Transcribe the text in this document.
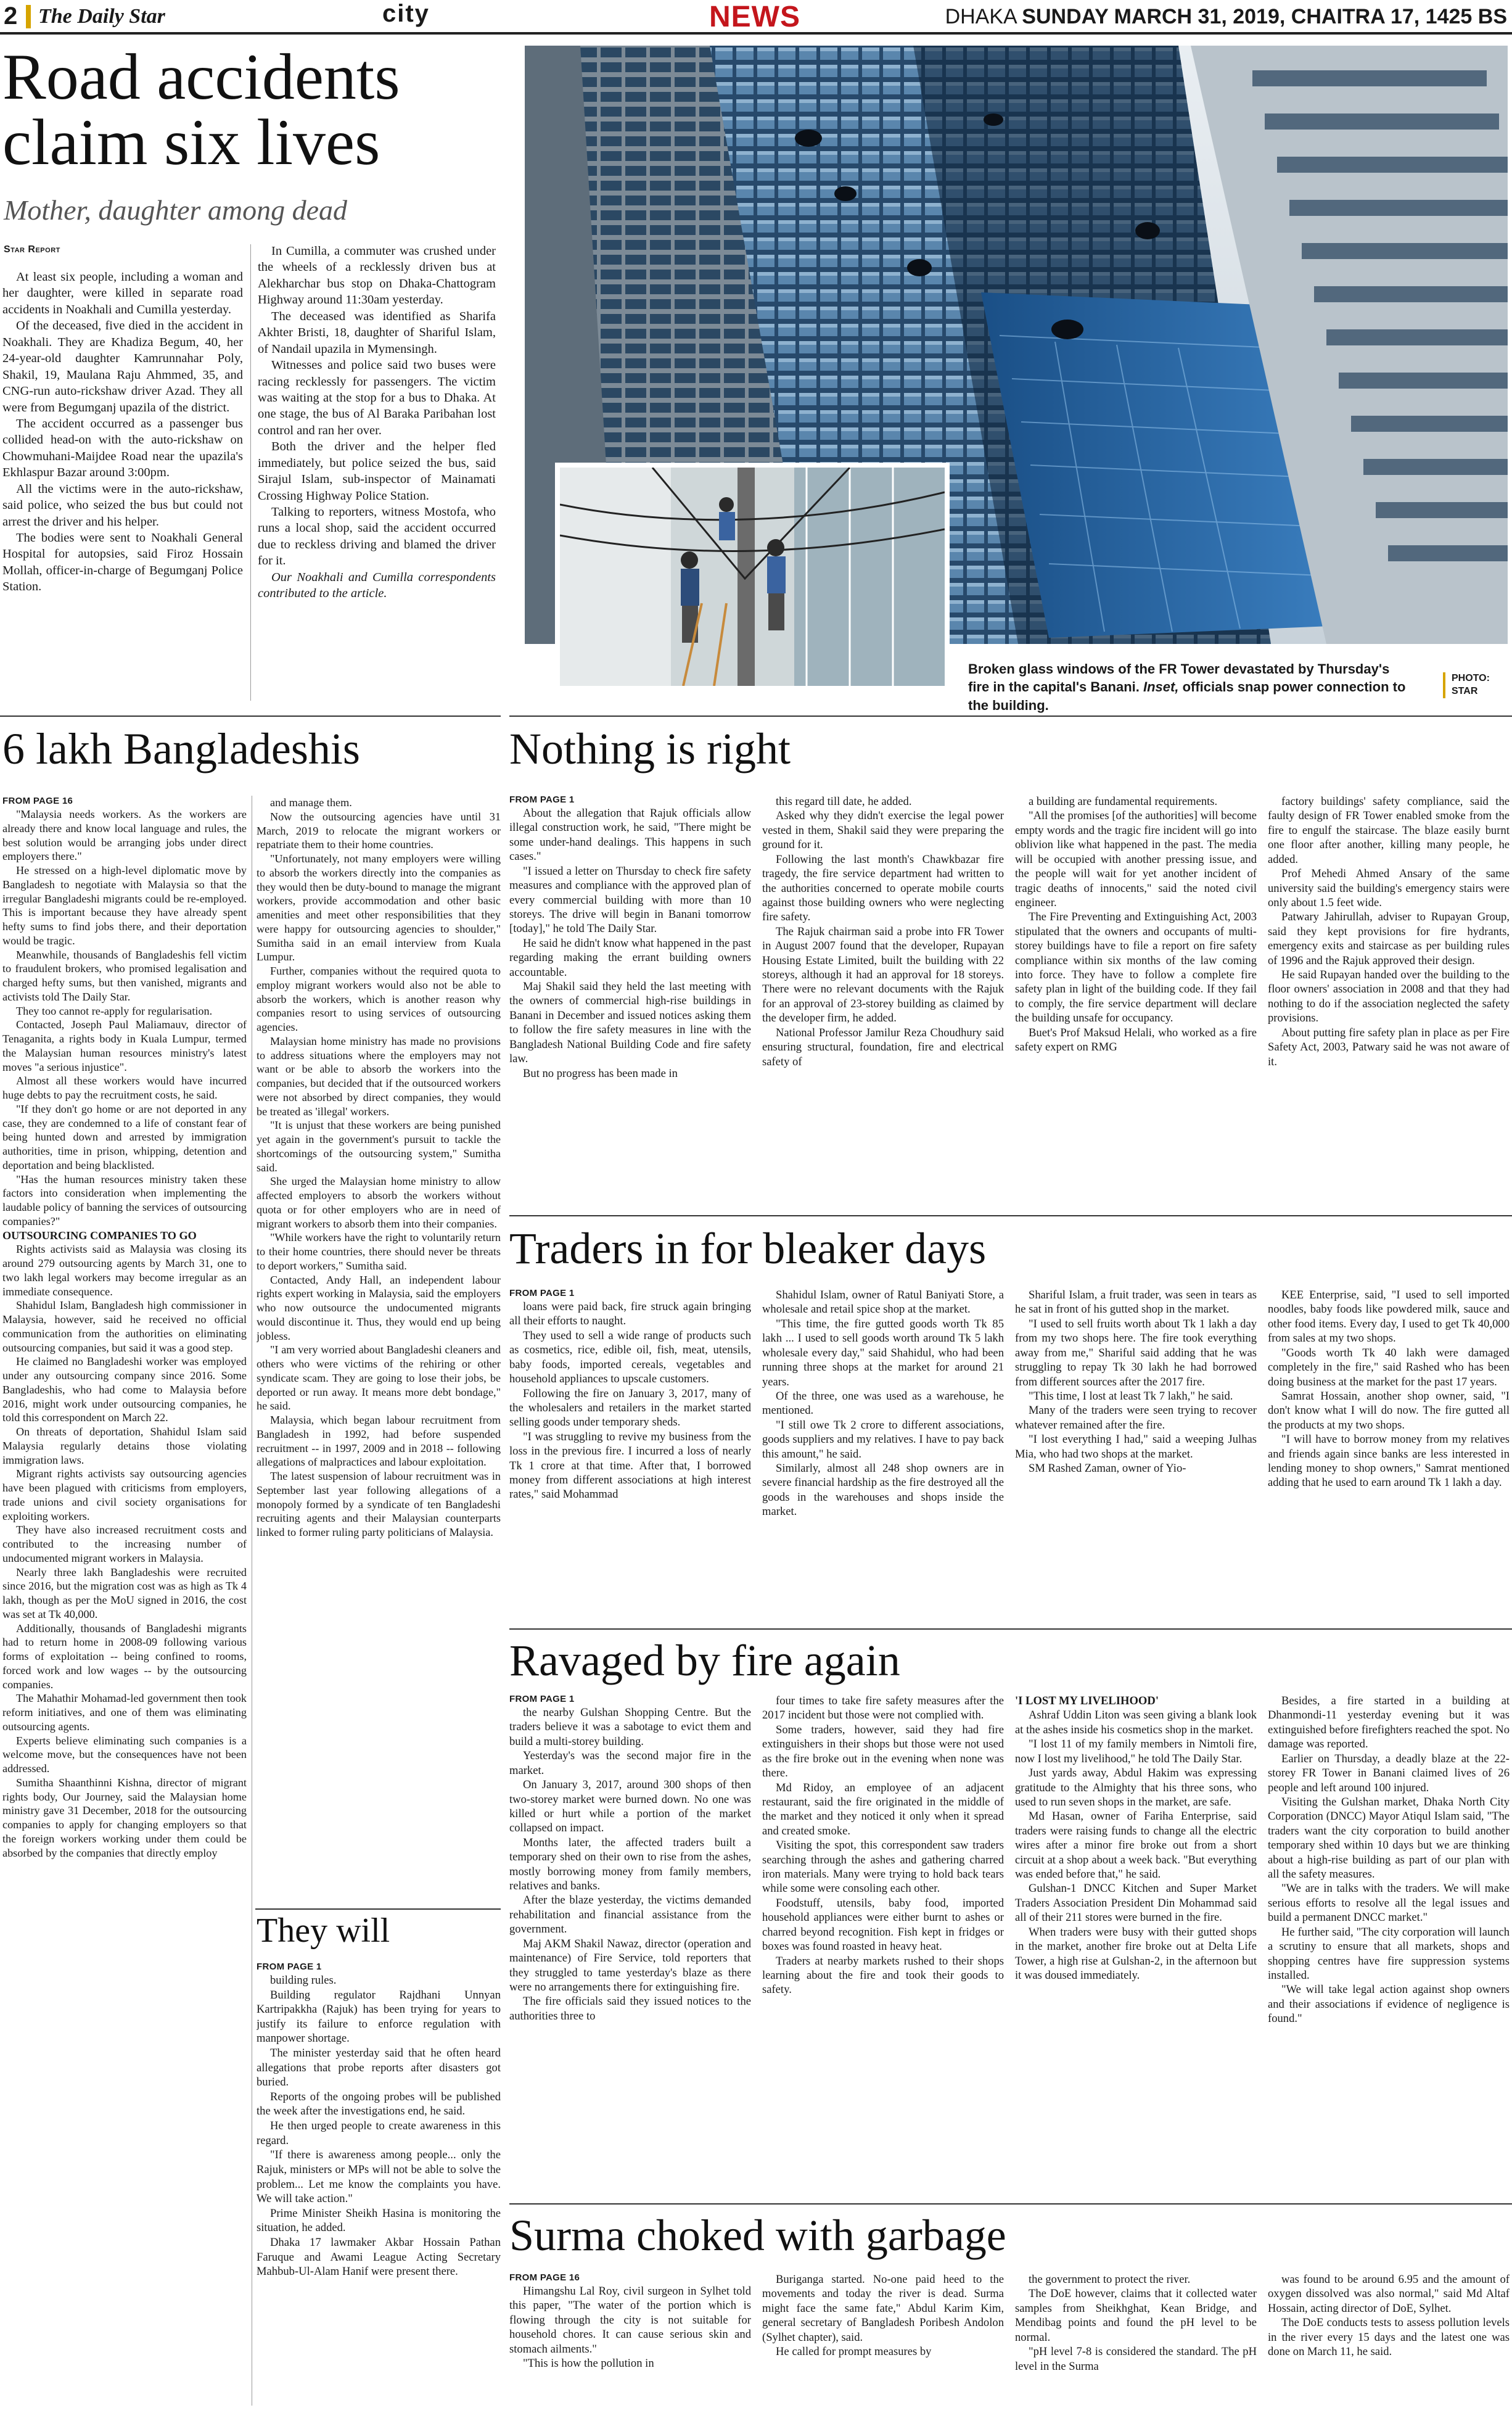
2 The Daily Star	city	NEWS	DHAKA SUNDAY MARCH 31, 2019, CHAITRA 17, 1425 BS
Road accidents claim six lives
Mother, daughter among dead
Star Report

At least six people, including a woman and her daughter, were killed in separate road accidents in Noakhali and Cumilla yesterday.

Of the deceased, five died in the accident in Noakhali. They are Khadiza Begum, 40, her 24-year-old daughter Kamrunnahar Poly, Shakil, 19, Maulana Raju Ahmmed, 35, and CNG-run auto-rickshaw driver Azad. They all were from Begumganj upazila of the district.

The accident occurred as a passenger bus collided head-on with the auto-rickshaw on Chowmuhani-Maijdee Road near the upazila's Ekhlaspur Bazar around 3:00pm.

All the victims were in the auto-rickshaw, said police, who seized the bus but could not arrest the driver and his helper.

The bodies were sent to Noakhali General Hospital for autopsies, said Firoz Hossain Mollah, officer-in-charge of Begumganj Police Station.

In Cumilla, a commuter was crushed under the wheels of a recklessly driven bus at Alekharchar bus stop on Dhaka-Chattogram Highway around 11:30am yesterday.

The deceased was identified as Sharifa Akhter Bristi, 18, daughter of Shariful Islam, of Nandail upazila in Mymensingh.

Witnesses and police said two buses were racing recklessly for passengers. The victim was waiting at the stop for a bus to Dhaka. At one stage, the bus of Al Baraka Paribahan lost control and ran her over.

Both the driver and the helper fled immediately, but police seized the bus, said Sirajul Islam, sub-inspector of Mainamati Crossing Highway Police Station.

Talking to reporters, witness Mostofa, who runs a local shop, said the accident occurred due to reckless driving and blamed the driver for it.

Our Noakhali and Cumilla correspondents contributed to the article.

Broken glass windows of the FR Tower devastated by Thursday's fire in the capital's Banani. Inset, officials snap power connection to the building.
PHOTO: STAR
6 lakh Bangladeshis

FROM PAGE 16

"Malaysia needs workers. As the workers are already there and know local language and rules, the best solution would be arranging jobs under direct employers there."

He stressed on a high-level diplomatic move by Bangladesh to negotiate with Malaysia so that the irregular Bangladeshi migrants could be re-employed. This is important because they have already spent hefty sums to find jobs there, and their deportation would be tragic.

Meanwhile, thousands of Bangladeshis fell victim to fraudulent brokers, who promised legalisation and charged hefty sums, but then vanished, migrants and activists told The Daily Star.

They too cannot re-apply for regularisation.

Contacted, Joseph Paul Maliamauv, director of Tenaganita, a rights body in Kuala Lumpur, termed the Malaysian human resources ministry's latest moves "a serious injustice".

Almost all these workers would have incurred huge debts to pay the recruitment costs, he said.

"If they don't go home or are not deported in any case, they are condemned to a life of constant fear of being hunted down and arrested by immigration authorities, time in prison, whipping, detention and deportation and being blacklisted.

"Has the human resources ministry taken these factors into consideration when implementing the laudable policy of banning the services of outsourcing companies?"

OUTSOURCING COMPANIES TO GO

Rights activists said as Malaysia was closing its around 279 outsourcing agents by March 31, one to two lakh legal workers may become irregular as an immediate consequence.

Shahidul Islam, Bangladesh high commissioner in Malaysia, however, said he received no official communication from the authorities on eliminating outsourcing companies, but said it was a good step.

He claimed no Bangladeshi worker was employed under any outsourcing company since 2016. Some Bangladeshis, who had come to Malaysia before 2016, might work under outsourcing companies, he told this correspondent on March 22.

On threats of deportation, Shahidul Islam said Malaysia regularly detains those violating immigration laws.

Migrant rights activists say outsourcing agencies have been plagued with criticisms from employers, trade unions and civil society organisations for exploiting workers.

They have also increased recruitment costs and contributed to the increasing number of undocumented migrant workers in Malaysia.

Nearly three lakh Bangladeshis were recruited since 2016, but the migration cost was as high as Tk 4 lakh, though as per the MoU signed in 2016, the cost was set at Tk 40,000.

Additionally, thousands of Bangladeshi migrants had to return home in 2008-09 following various forms of exploitation -- being confined to rooms, forced work and low wages -- by the outsourcing companies.

The Mahathir Mohamad-led government then took reform initiatives, and one of them was eliminating outsourcing agents.

Experts believe eliminating such companies is a welcome move, but the consequences have not been addressed.

Sumitha Shaanthinni Kishna, director of migrant rights body, Our Journey, said the Malaysian home ministry gave 31 December, 2018 for the outsourcing companies to apply for changing employers so that the foreign workers working under them could be absorbed by the companies that directly employ

and manage them.

Now the outsourcing agencies have until 31 March, 2019 to relocate the migrant workers or repatriate them to their home countries.

"Unfortunately, not many employers were willing to absorb the workers directly into the companies as they would then be duty-bound to manage the migrant workers, provide accommodation and other basic amenities and meet other responsibilities that they were happy for outsourcing agencies to shoulder," Sumitha said in an email interview from Kuala Lumpur.

Further, companies without the required quota to employ migrant workers would also not be able to absorb the workers, which is another reason why companies resort to using services of outsourcing agencies.

Malaysian home ministry has made no provisions to address situations where the employers may not want or be able to absorb the workers into the companies, but decided that if the outsourced workers were not absorbed by direct companies, they would be treated as 'illegal' workers.

"It is unjust that these workers are being punished yet again in the government's pursuit to tackle the shortcomings of the outsourcing system," Sumitha said.

She urged the Malaysian home ministry to allow affected employers to absorb the workers without quota or for other employers who are in need of migrant workers to absorb them into their companies.

"While workers have the right to voluntarily return to their home countries, there should never be threats to deport workers," Sumitha said.

Contacted, Andy Hall, an independent labour rights expert working in Malaysia, said the employers who now outsource the undocumented migrants would discontinue it. Thus, they would end up being jobless.

"I am very worried about Bangladeshi cleaners and others who were victims of the rehiring or other syndicate scam. They are going to lose their jobs, be deported or run away. It means more debt bondage," he said.

Malaysia, which began labour recruitment from Bangladesh in 1992, had before suspended recruitment -- in 1997, 2009 and in 2018 -- following allegations of malpractices and labour exploitation.

The latest suspension of labour recruitment was in September last year following allegations of a monopoly formed by a syndicate of ten Bangladeshi recruiting agents and their Malaysian counterparts linked to former ruling party politicians of Malaysia.

They will

FROM PAGE 1

building rules.

Building regulator Rajdhani Unnyan Kartripakkha (Rajuk) has been trying for years to justify its failure to enforce regulation with manpower shortage.

The minister yesterday said that he often heard allegations that probe reports after disasters got buried.

Reports of the ongoing probes will be published the week after the investigations end, he said.

He then urged people to create awareness in this regard.

"If there is awareness among people... only the Rajuk, ministers or MPs will not be able to solve the problem... Let me know the complaints you have. We will take action."

Prime Minister Sheikh Hasina is monitoring the situation, he added.

Dhaka 17 lawmaker Akbar Hossain Pathan Faruque and Awami League Acting Secretary Mahbub-Ul-Alam Hanif were present there.

Nothing is right

FROM PAGE 1

About the allegation that Rajuk officials allow illegal construction work, he said, "There might be some under-hand dealings. This happens in such cases."

"I issued a letter on Thursday to check fire safety measures and compliance with the approved plan of every commercial building with more than 10 storeys. The drive will begin in Banani tomorrow [today]," he told The Daily Star.

He said he didn't know what happened in the past regarding making the errant building owners accountable.

Maj Shakil said they held the last meeting with the owners of commercial high-rise buildings in Banani in December and issued notices asking them to follow the fire safety measures in line with the Bangladesh National Building Code and fire safety law.

But no progress has been made in

this regard till date, he added.

Asked why they didn't exercise the legal power vested in them, Shakil said they were preparing the ground for it.

Following the last month's Chawkbazar fire tragedy, the fire service department had written to the authorities concerned to operate mobile courts against those building owners who were neglecting fire safety.

The Rajuk chairman said a probe into FR Tower in August 2007 found that the developer, Rupayan Housing Estate Limited, built the building with 22 storeys, although it had an approval for 18 storeys. There were no relevant documents with the Rajuk for an approval of 23-storey building as claimed by the developer firm, he added.

National Professor Jamilur Reza Choudhury said ensuring structural, foundation, fire and electrical safety of

a building are fundamental requirements.

"All the promises [of the authorities] will become empty words and the tragic fire incident will go into oblivion like what happened in the past. The media will be occupied with another pressing issue, and the people will wait for yet another incident of tragic deaths of innocents," said the noted civil engineer.

The Fire Preventing and Extinguishing Act, 2003 stipulated that the owners and occupants of multi-storey buildings have to file a report on fire safety compliance within six months of the law coming into force. They have to follow a complete fire safety plan in light of the building code. If they fail to comply, the fire service department will declare the building unsafe for occupancy.

Buet's Prof Maksud Helali, who worked as a fire safety expert on RMG

factory buildings' safety compliance, said the faulty design of FR Tower enabled smoke from the fire to engulf the staircase. The blaze easily burnt one floor after another, killing many people, he added.

Prof Mehedi Ahmed Ansary of the same university said the building's emergency stairs were only about 1.5 feet wide.

Patwary Jahirullah, adviser to Rupayan Group, said they kept provisions for fire hydrants, emergency exits and staircase as per building rules of 1996 and the Rajuk approved their design.

He said Rupayan handed over the building to the floor owners' association in 2008 and that they had nothing to do if the association neglected the safety provisions.

About putting fire safety plan in place as per Fire Safety Act, 2003, Patwary said he was not aware of it.

Traders in for bleaker days

FROM PAGE 1

loans were paid back, fire struck again bringing all their efforts to naught.

They used to sell a wide range of products such as cosmetics, rice, edible oil, fish, meat, utensils, baby foods, imported cereals, vegetables and household appliances to upscale customers.

Following the fire on January 3, 2017, many of the wholesalers and retailers in the market started selling goods under temporary sheds.

"I was struggling to revive my business from the loss in the previous fire. I incurred a loss of nearly Tk 1 crore at that time. After that, I borrowed money from different associations at high interest rates," said Mohammad

Shahidul Islam, owner of Ratul Baniyati Store, a wholesale and retail spice shop at the market.

"This time, the fire gutted goods worth Tk 85 lakh ... I used to sell goods worth around Tk 5 lakh wholesale every day," said Shahidul, who had been running three shops at the market for around 21 years.

Of the three, one was used as a warehouse, he mentioned.

"I still owe Tk 2 crore to different associations, goods suppliers and my relatives. I have to pay back this amount," he said.

Similarly, almost all 248 shop owners are in severe financial hardship as the fire destroyed all the goods in the warehouses and shops inside the market.

Shariful Islam, a fruit trader, was seen in tears as he sat in front of his gutted shop in the market.

"I used to sell fruits worth about Tk 1 lakh a day from my two shops here. The fire took everything away from me," Shariful said adding that he was struggling to repay Tk 30 lakh he had borrowed from different sources after the 2017 fire.

"This time, I lost at least Tk 7 lakh," he said.

Many of the traders were seen trying to recover whatever remained after the fire.

"I lost everything I had," said a weeping Julhas Mia, who had two shops at the market.

SM Rashed Zaman, owner of Yio-

KEE Enterprise, said, "I used to sell imported noodles, baby foods like powdered milk, sauce and other food items. Every day, I used to get Tk 40,000 from sales at my two shops.

"Goods worth Tk 40 lakh were damaged completely in the fire," said Rashed who has been doing business at the market for the past 17 years.

Samrat Hossain, another shop owner, said, "I don't know what I will do now. The fire gutted all the products at my two shops.

"I will have to borrow money from my relatives and friends again since banks are less interested in lending money to shop owners," Samrat mentioned adding that he used to earn around Tk 1 lakh a day.

Ravaged by fire again

FROM PAGE 1

the nearby Gulshan Shopping Centre. But the traders believe it was a sabotage to evict them and build a multi-storey building.

Yesterday's was the second major fire in the market.

On January 3, 2017, around 300 shops of then two-storey market were burned down. No one was killed or hurt while a portion of the market collapsed on impact.

Months later, the affected traders built a temporary shed on their own to rise from the ashes, mostly borrowing money from family members, relatives and banks.

After the blaze yesterday, the victims demanded rehabilitation and financial assistance from the government.

Maj AKM Shakil Nawaz, director (operation and maintenance) of Fire Service, told reporters that they struggled to tame yesterday's blaze as there were no arrangements there for extinguishing fire.

The fire officials said they issued notices to the authorities three to

four times to take fire safety measures after the 2017 incident but those were not complied with.

Some traders, however, said they had fire extinguishers in their shops but those were not used as the fire broke out in the evening when none was there.

Md Ridoy, an employee of an adjacent restaurant, said the fire originated in the middle of the market and they noticed it only when it spread and created smoke.

Visiting the spot, this correspondent saw traders searching through the ashes and gathering charred iron materials. Many were trying to hold back tears while some were consoling each other.

Foodstuff, utensils, baby food, imported household appliances were either burnt to ashes or charred beyond recognition. Fish kept in fridges or boxes was found roasted in heavy heat.

Traders at nearby markets rushed to their shops learning about the fire and took their goods to safety.

'I LOST MY LIVELIHOOD'

Ashraf Uddin Liton was seen giving a blank look at the ashes inside his cosmetics shop in the market.

"I lost 11 of my family members in Nimtoli fire, now I lost my livelihood," he told The Daily Star.

Just yards away, Abdul Hakim was expressing gratitude to the Almighty that his three sons, who used to run seven shops in the market, are safe.

Md Hasan, owner of Fariha Enterprise, said traders were raising funds to change all the electric wires after a minor fire broke out from a short circuit at a shop about a week back. "But everything was ended before that," he said.

Gulshan-1 DNCC Kitchen and Super Market Traders Association President Din Mohammad said all of their 211 stores were burned in the fire.

When traders were busy with their gutted shops in the market, another fire broke out at Delta Life Tower, a high rise at Gulshan-2, in the afternoon but it was doused immediately.

Besides, a fire started in a building at Dhanmondi-11 yesterday evening but it was extinguished before firefighters reached the spot. No damage was reported.

Earlier on Thursday, a deadly blaze at the 22-storey FR Tower in Banani claimed lives of 26 people and left around 100 injured.

Visiting the Gulshan market, Dhaka North City Corporation (DNCC) Mayor Atiqul Islam said, "The traders want the city corporation to build another temporary shed within 10 days but we are thinking about a high-rise building as part of our plan with all the safety measures.

"We are in talks with the traders. We will make serious efforts to resolve all the legal issues and build a permanent DNCC market."

He further said, "The city corporation will launch a scrutiny to ensure that all markets, shops and shopping centres have fire suppression systems installed.

"We will take legal action against shop owners and their associations if evidence of negligence is found."

Surma choked with garbage

FROM PAGE 16

Himangshu Lal Roy, civil surgeon in Sylhet told this paper, "The water of the portion which is flowing through the city is not suitable for household chores. It can cause serious skin and stomach ailments."

"This is how the pollution in

Buriganga started. No-one paid heed to the movements and today the river is dead. Surma might face the same fate," Abdul Karim Kim, general secretary of Bangladesh Poribesh Andolon (Sylhet chapter), said.

He called for prompt measures by

the government to protect the river.

The DoE however, claims that it collected water samples from Sheikhghat, Kean Bridge, and Mendibag points and found the pH level to be normal.

"pH level 7-8 is considered the standard. The pH level in the Surma

was found to be around 6.95 and the amount of oxygen dissolved was also normal," said Md Altaf Hossain, acting director of DoE, Sylhet.

The DoE conducts tests to assess pollution levels in the river every 15 days and the latest one was done on March 11, he said.
